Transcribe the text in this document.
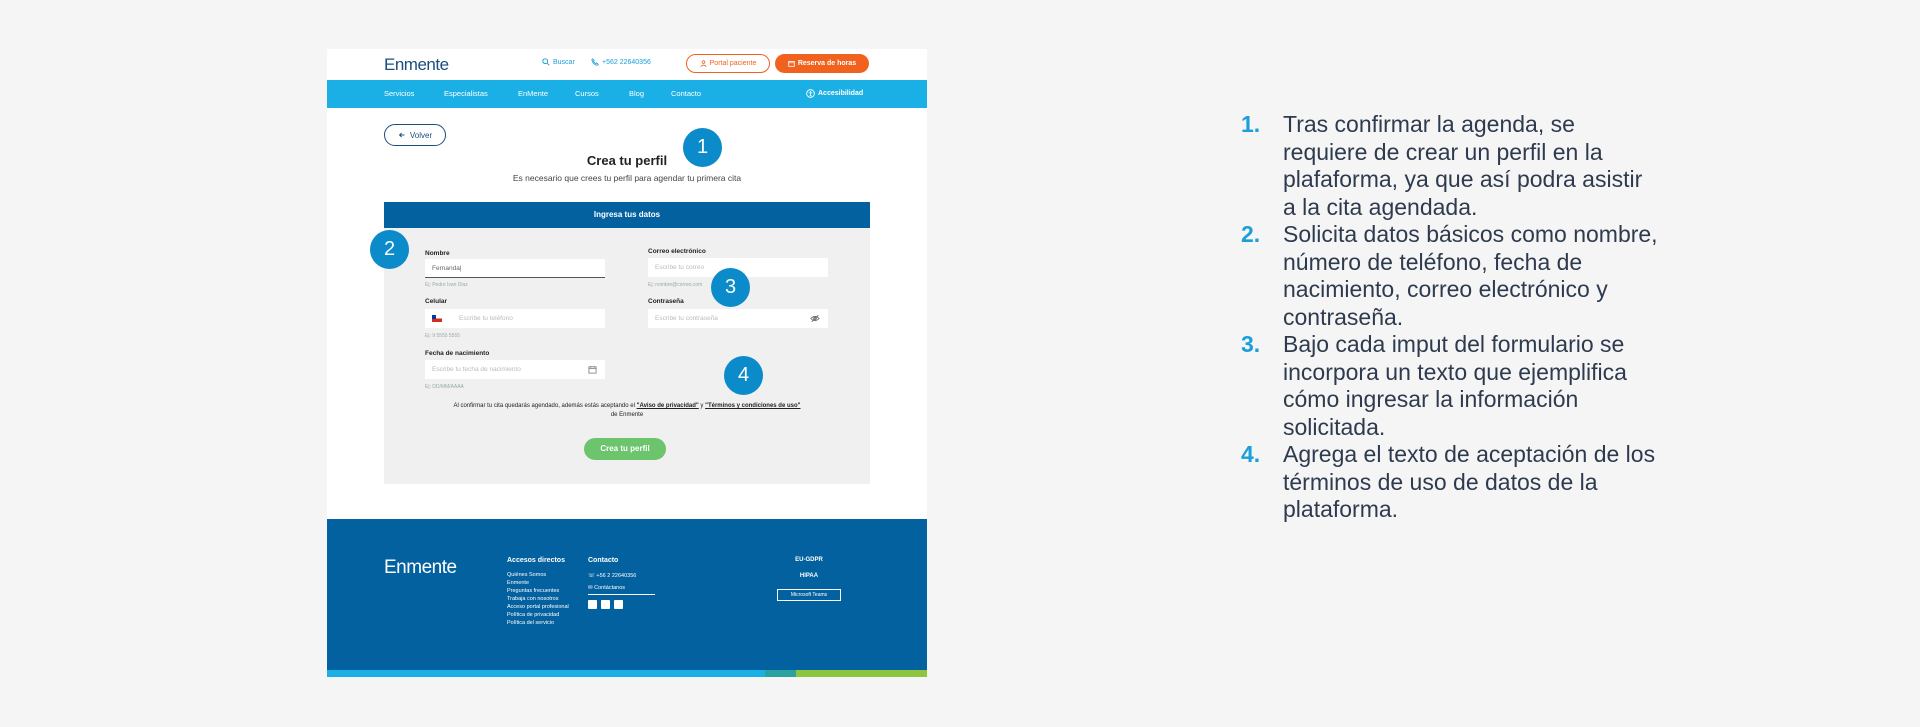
Enmente	Buscar	+562 22640356	Portal paciente	Reserva de horas
Servicios	Especialistas	EnMente	Cursos	Blog	Contacto	Accesibilidad
Volver
Crea tu perfil
Es necesario que crees tu perfil para agendar tu primera cita
Ingresa tus datos
Nombre
Fernanda|
Ej: Pedro Ivan Diaz
Correo electrónico
Escribe tu correo
Ej: nombre@correo.com
Celular
Escribe tu teléfono
Ej: 9 5555 5555
Contraseña
Escribe tu contraseña
Fecha de nacimiento
Escribe tu fecha de nacimiento
Ej: DD/MM/AAAA
Al confirmar tu cita quedarás agendado, además estás aceptando el "Aviso de privacidad" y "Términos y condiciones de uso"
de Enmente
Crea tu perfil
Enmente	Accesos directos
Quiénes Somos
Enmente
Preguntas frecuentes
Trabaja con nosotros
Acceso portal profesional
Política de privacidad
Política del servicio
Contacto
☏ +56 2 22640356
✉ Contáctanos
EU-GDPR
HIPAA
Microsoft Teams
1
2
3
4
1. Tras confirmar la agenda, se requiere de crear un perfil en la plafaforma, ya que así podra asistir a la cita agendada.
2. Solicita datos básicos como nombre, número de teléfono, fecha de nacimiento, correo electrónico y contraseña.
3. Bajo cada imput del formulario se incorpora un texto que ejemplifica cómo ingresar la información solicitada.
4. Agrega el texto de aceptación de los términos de uso de datos de la plataforma.
